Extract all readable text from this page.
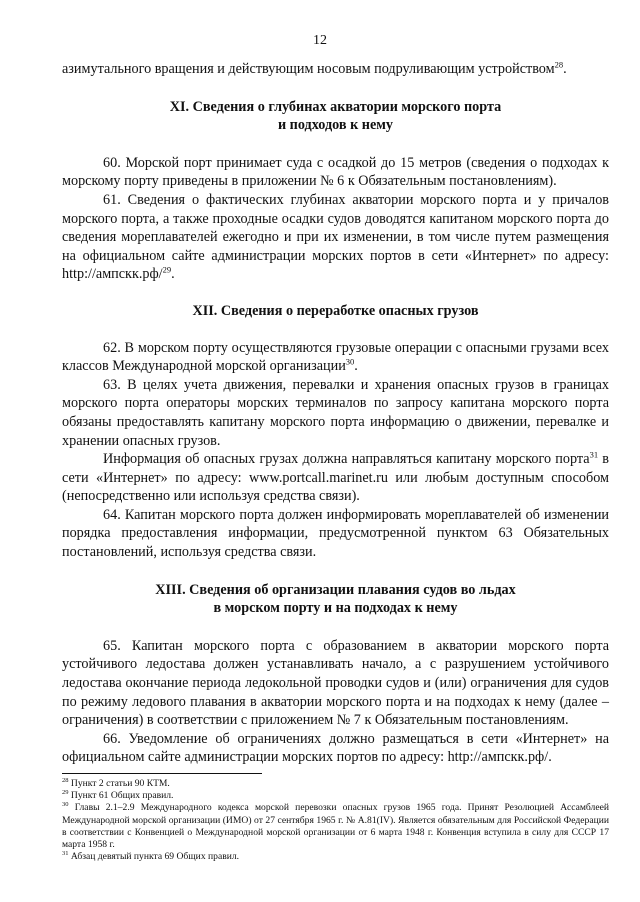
12

азимутального вращения и действующим носовым подруливающим устройством$^{28}$.

XI. Сведения о глубинах акватории морского порта
и подходов к нему

60. Морской порт принимает суда с осадкой до 15 метров (сведения о подходах к морскому порту приведены в приложении № 6 к Обязательным постановлениям).

61. Сведения о фактических глубинах акватории морского порта и у причалов морского порта, а также проходные осадки судов доводятся капитаном морского порта до сведения мореплавателей ежегодно и при их изменении, в том числе путем размещения на официальном сайте администрации морских портов в сети «Интернет» по адресу: http://ампскк.рф/$^{29}$.

XII. Сведения о переработке опасных грузов

62. В морском порту осуществляются грузовые операции с опасными грузами всех классов Международной морской организации$^{30}$.

63. В целях учета движения, перевалки и хранения опасных грузов в границах морского порта операторы морских терминалов по запросу капитана морского порта обязаны предоставлять капитану морского порта информацию о движении, перевалке и хранении опасных грузов.

Информация об опасных грузах должна направляться капитану морского порта$^{31}$ в сети «Интернет» по адресу: www.portcall.marinet.ru или любым доступным способом (непосредственно или используя средства связи).

64. Капитан морского порта должен информировать мореплавателей об изменении порядка предоставления информации, предусмотренной пунктом 63 Обязательных постановлений, используя средства связи.

XIII. Сведения об организации плавания судов во льдах
в морском порту и на подходах к нему

65. Капитан морского порта с образованием в акватории морского порта устойчивого ледостава должен устанавливать начало, а с разрушением устойчивого ледостава окончание периода ледокольной проводки судов и (или) ограничения для судов по режиму ледового плавания в акватории морского порта и на подходах к нему (далее – ограничения) в соответствии с приложением № 7 к Обязательным постановлениям.

66. Уведомление об ограничениях должно размещаться в сети «Интернет» на официальном сайте администрации морских портов по адресу: http://ампскк.рф/.

$^{28}$ Пункт 2 статьи 90 КТМ.

$^{29}$ Пункт 61 Общих правил.

$^{30}$ Главы 2.1–2.9 Международного кодекса морской перевозки опасных грузов 1965 года. Принят Резолюцией Ассамблеей Международной морской организации (ИМО) от 27 сентября 1965 г. № А.81(IV). Является обязательным для Российской Федерации в соответствии с Конвенцией о Международной морской организации от 6 марта 1948 г. Конвенция вступила в силу для СССР 17 марта 1958 г.

$^{31}$ Абзац девятый пункта 69 Общих правил.
